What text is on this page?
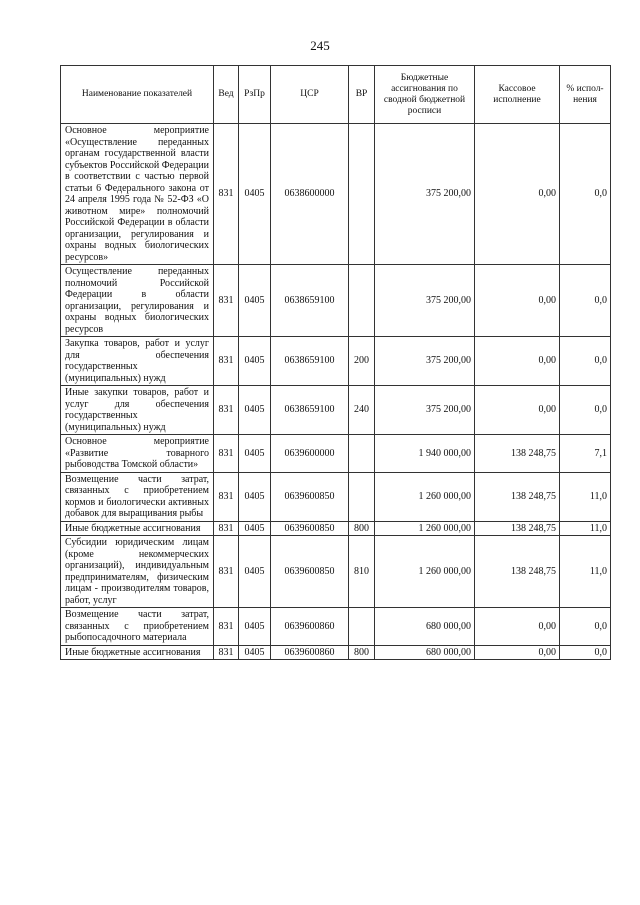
245
Наименование показателей	Вед	РзПр	ЦСР	ВР	Бюджетные ассигнования по сводной бюджетной росписи	Кассовое исполнение	% испол-нения
Основное мероприятие «Осуществление переданных органам государственной власти субъектов Российской Федерации в соответствии с частью первой статьи 6 Федерального закона от 24 апреля 1995 года № 52-ФЗ «О животном мире» полномочий Российской Федерации в области организации, регулирования и охраны водных биологических ресурсов»	831	0405	0638600000		375 200,00	0,00	0,0
Осуществление переданных полномочий Российской Федерации в области организации, регулирования и охраны водных биологических ресурсов	831	0405	0638659100		375 200,00	0,00	0,0
Закупка товаров, работ и услуг для обеспечения государственных (муниципальных) нужд	831	0405	0638659100	200	375 200,00	0,00	0,0
Иные закупки товаров, работ и услуг для обеспечения государственных (муниципальных) нужд	831	0405	0638659100	240	375 200,00	0,00	0,0
Основное мероприятие «Развитие товарного рыбоводства Томской области»	831	0405	0639600000		1 940 000,00	138 248,75	7,1
Возмещение части затрат, связанных с приобретением кормов и биологически активных добавок для выращивания рыбы	831	0405	0639600850		1 260 000,00	138 248,75	11,0
Иные бюджетные ассигнования	831	0405	0639600850	800	1 260 000,00	138 248,75	11,0
Субсидии юридическим лицам (кроме некоммерческих организаций), индивидуальным предпринимателям, физическим лицам - производителям товаров, работ, услуг	831	0405	0639600850	810	1 260 000,00	138 248,75	11,0
Возмещение части затрат, связанных с приобретением рыбопосадочного материала	831	0405	0639600860		680 000,00	0,00	0,0
Иные бюджетные ассигнования	831	0405	0639600860	800	680 000,00	0,00	0,0
